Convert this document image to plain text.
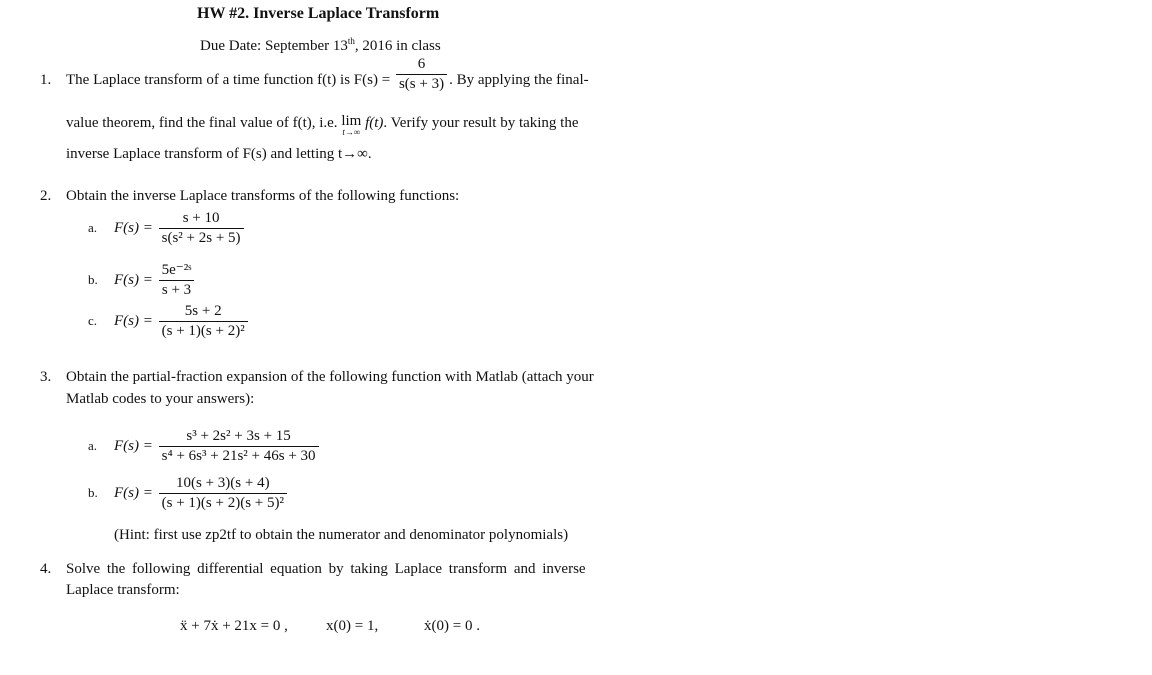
HW #2. Inverse Laplace Transform
Due Date: September 13th, 2016 in class
1. The Laplace transform of a time function f(t) is $F(s) = \frac{6}{s(s + 3)}$ . By applying the final-
value theorem, find the final value of f(t), i.e. lim
t→∞
f(t). Verify your result by taking the
inverse Laplace transform of F(s) and letting t→∞.
2. Obtain the inverse Laplace transforms of the following functions:
a. $F(s) = \frac{s + 10}{\text{s(s² + 2s + 5)}}$
b. $F(s) = \frac{\text{5e⁻²ˢ}}{s + 3}$
c. $F(s) = \frac{5s + 2}{\text{(s + 1)(s + 2)²}}$
3. Obtain the partial-fraction expansion of the following function with Matlab (attach your
Matlab codes to your answers):
a. $F(s) = \frac{\text{s³ + 2s² + 3s + 15}}{\text{s⁴ + 6s³ + 21s² + 46s + 30}}$
b. $F(s) = \frac{10(s + 3)(s + 4)}{\text{(s + 1)(s + 2)(s + 5)²}}$
(Hint: first use zp2tf to obtain the numerator and denominator polynomials)
4. Solve the following differential equation by taking Laplace transform and inverse
Laplace transform:
ẍ + 7ẋ + 21x = 0 ,	x(0) = 1,	ẋ(0) = 0 .
